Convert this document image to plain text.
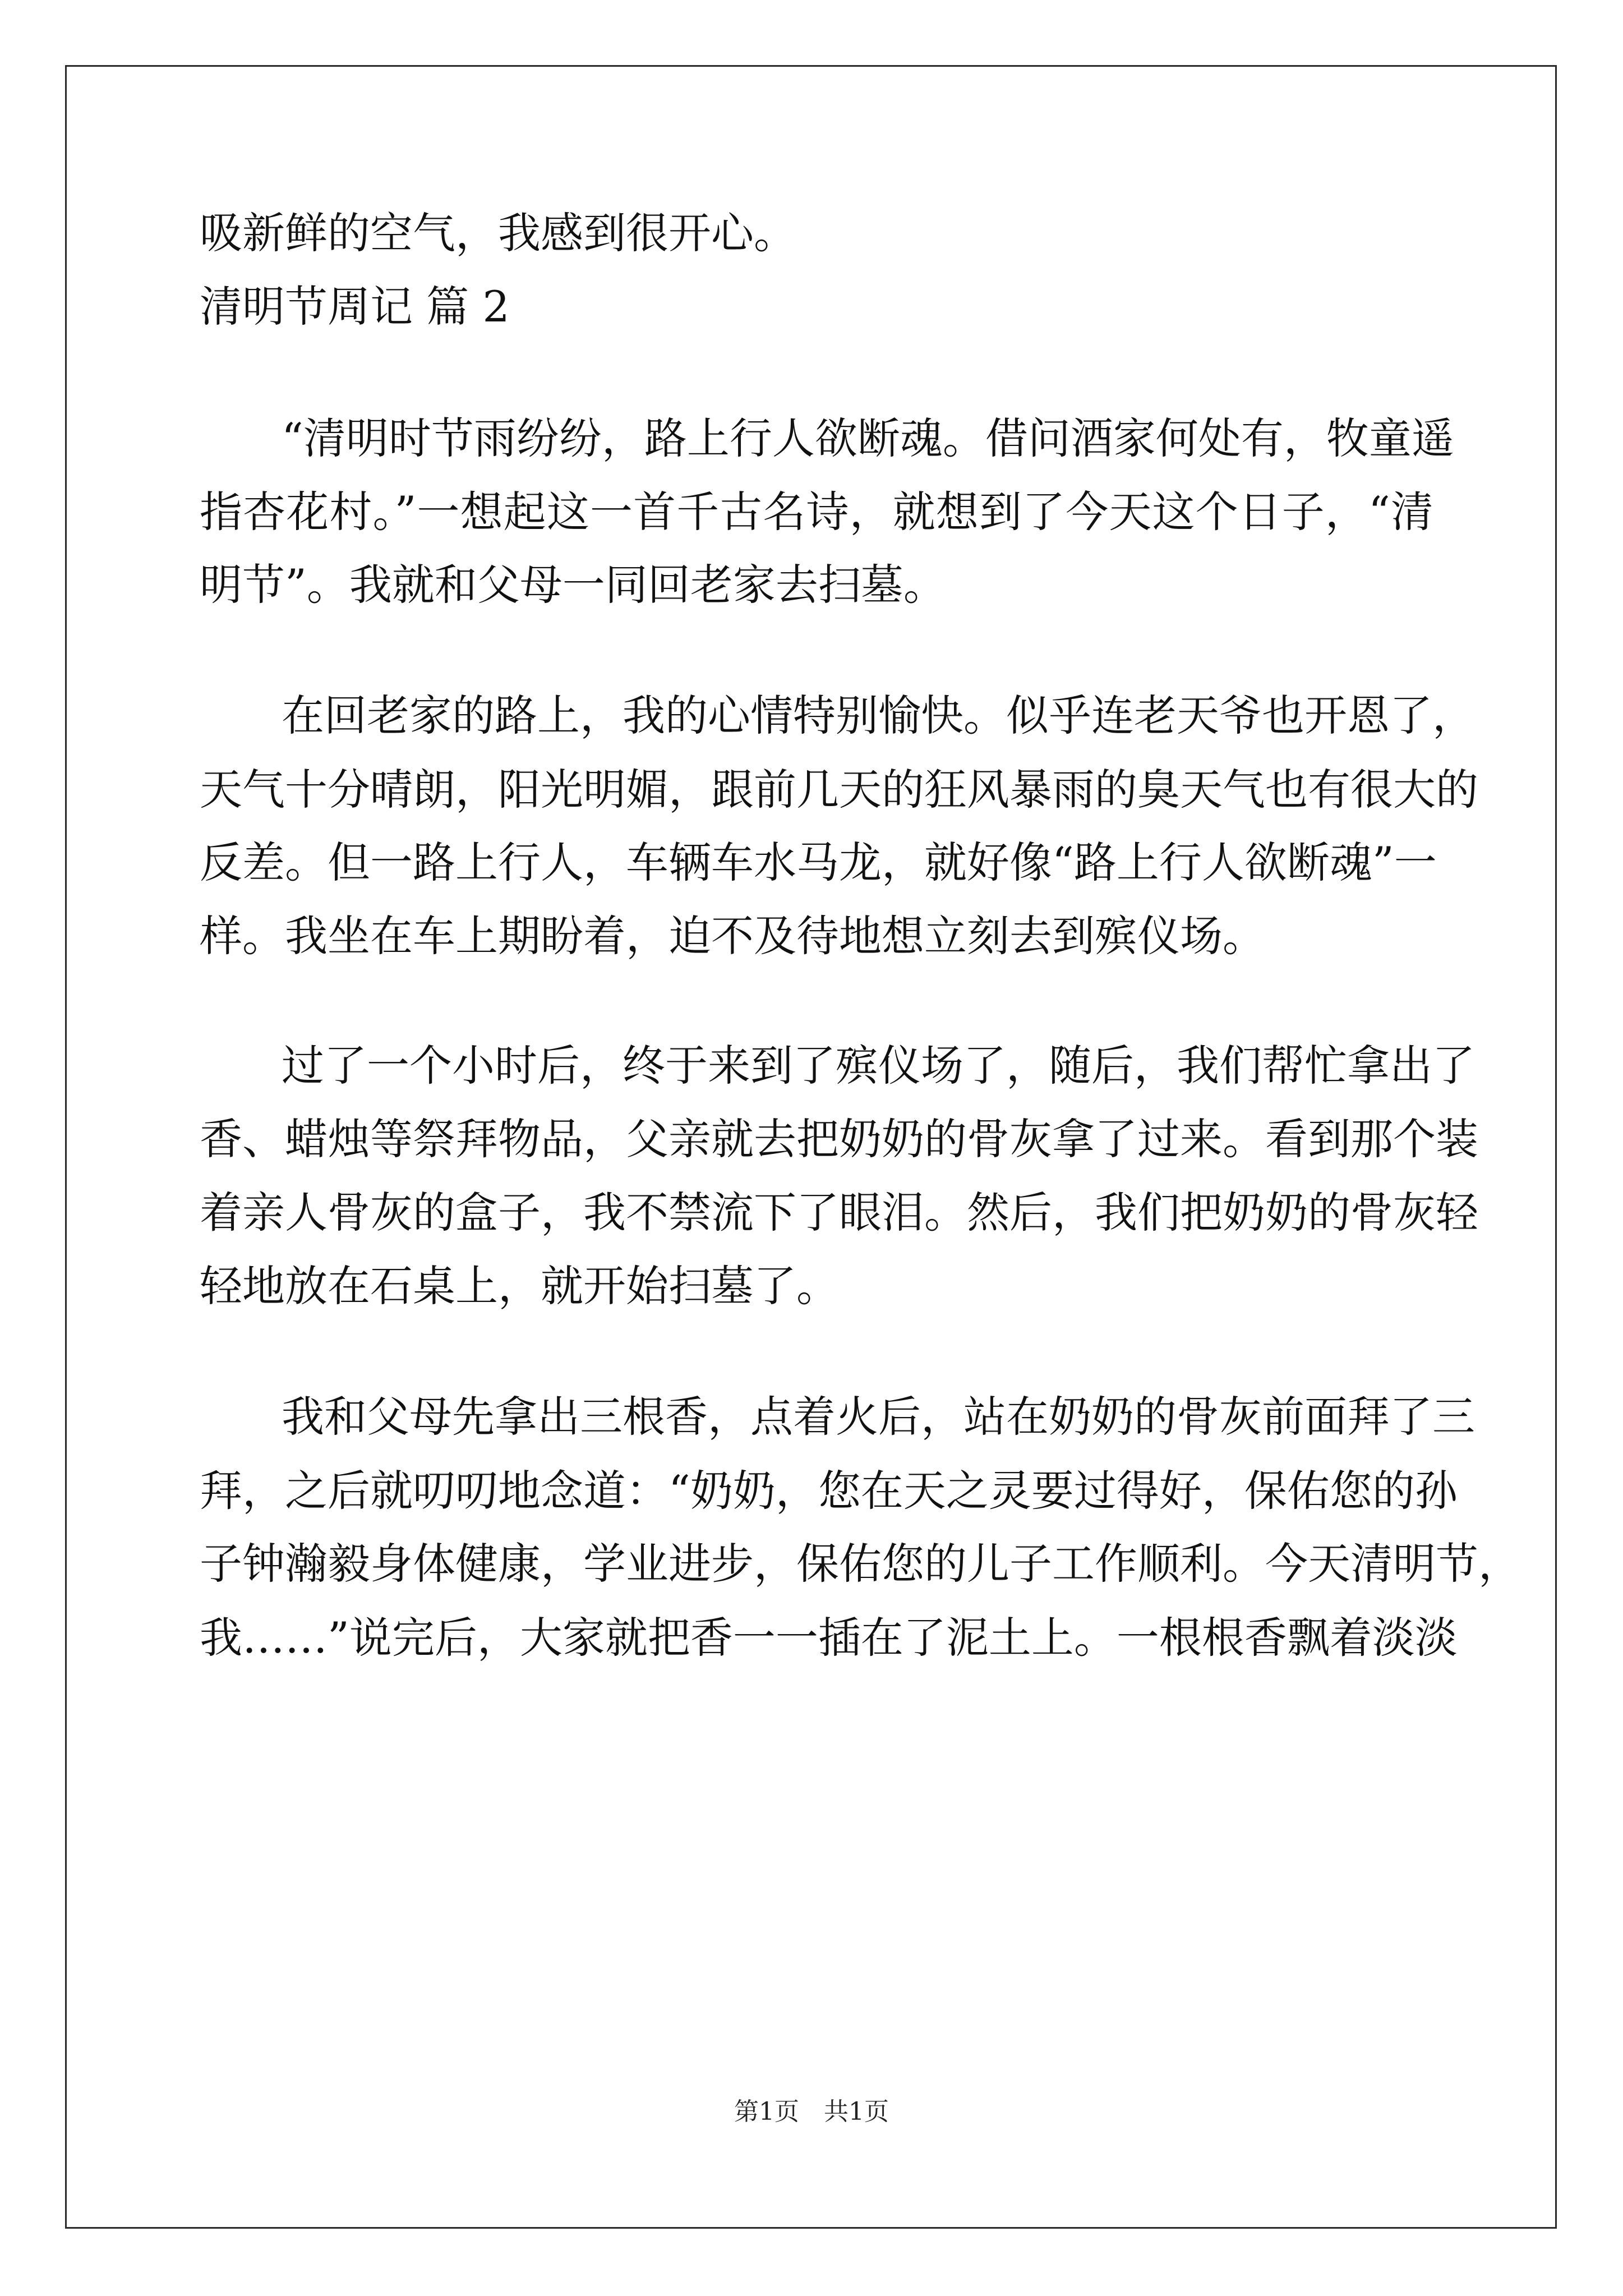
吸新鲜的空气，我感到很开心。
清明节周记 篇 2
“清明时节雨纷纷，路上行人欲断魂。借问酒家何处有，牧童遥
指杏花村。”一想起这一首千古名诗，就想到了今天这个日子，“清
明节”。我就和父母一同回老家去扫墓。
在回老家的路上，我的心情特别愉快。似乎连老天爷也开恩了，
天气十分晴朗，阳光明媚，跟前几天的狂风暴雨的臭天气也有很大的
反差。但一路上行人，车辆车水马龙，就好像“路上行人欲断魂”一
样。我坐在车上期盼着，迫不及待地想立刻去到殡仪场。
过了一个小时后，终于来到了殡仪场了，随后，我们帮忙拿出了
香、蜡烛等祭拜物品，父亲就去把奶奶的骨灰拿了过来。看到那个装
着亲人骨灰的盒子，我不禁流下了眼泪。然后，我们把奶奶的骨灰轻
轻地放在石桌上，就开始扫墓了。
我和父母先拿出三根香，点着火后，站在奶奶的骨灰前面拜了三
拜，之后就叨叨地念道：“奶奶，您在天之灵要过得好，保佑您的孙
子钟瀚毅身体健康，学业进步，保佑您的儿子工作顺利。今天清明节，
我……”说完后，大家就把香一一插在了泥土上。一根根香飘着淡淡
第1页　共1页
